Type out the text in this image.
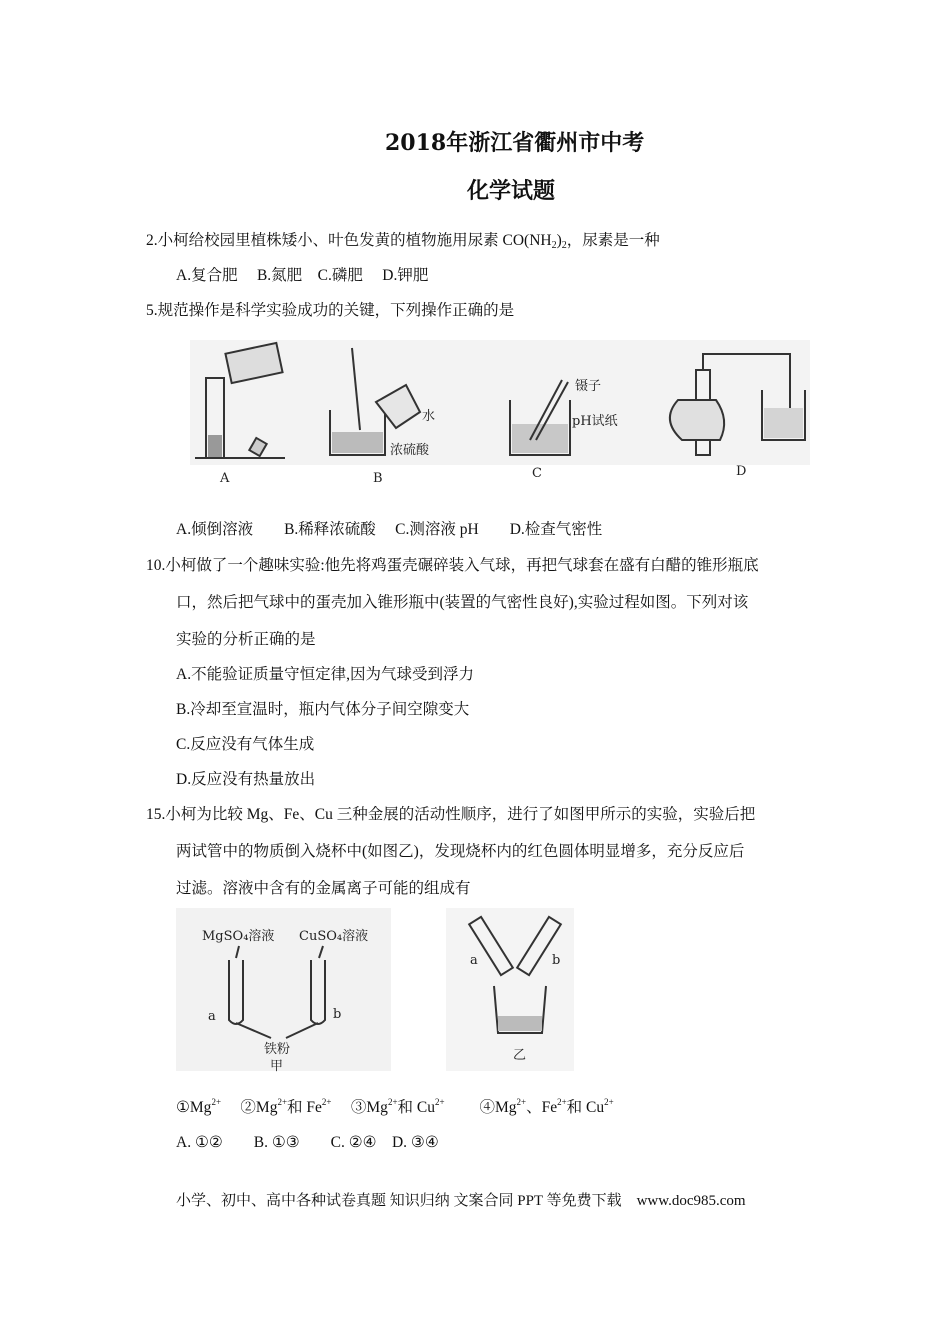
2018年浙江省衢州市中考
化学试题
2.小柯给校园里植株矮小、叶色发黄的植物施用尿素 $CO(NH_2)_2$，尿素是一种
A.复合肥　 B.氮肥　C.磷肥　 D.钾肥
5.规范操作是科学实验成功的关键，下列操作正确的是
水
浓硫酸
镊子
pH试纸
A	B	C	D
A.倾倒溶液　　B.稀释浓硫酸　 C.测溶液 pH　　D.检查气密性
10.小柯做了一个趣味实验:他先将鸡蛋壳碾碎装入气球，再把气球套在盛有白醋的锥形瓶底
口，然后把气球中的蛋壳加入锥形瓶中(装置的气密性良好),实验过程如图。下列对该
实验的分析正确的是
A.不能验证质量守恒定律,因为气球受到浮力
B.冷却至宣温时，瓶内气体分子间空隙变大
C.反应没有气体生成
D.反应没有热量放出
15.小柯为比较 Mg、Fe、Cu 三种金展的活动性顺序，进行了如图甲所示的实验，实验后把
两试管中的物质倒入烧杯中(如图乙)，发现烧杯内的红色圆体明显增多，充分反应后
过滤。溶液中含有的金属离子可能的组成有
MgSO₄溶液 CuSO₄溶液
a	b
铁粉
甲
a	b
乙
$①Mg^{2+}$　 $②Mg^{2+}$和 $Fe^{2+}$　 $③Mg^{2+}$和 $Cu^{2+}$　　 $④Mg^{2+}$、$Fe^{2+}$和 $Cu^{2+}$
A. ①②　　B. ①③　　C. ②④　D. ③④
小学、初中、高中各种试卷真题 知识归纳 文案合同 PPT 等免费下载　www.doc985.com
